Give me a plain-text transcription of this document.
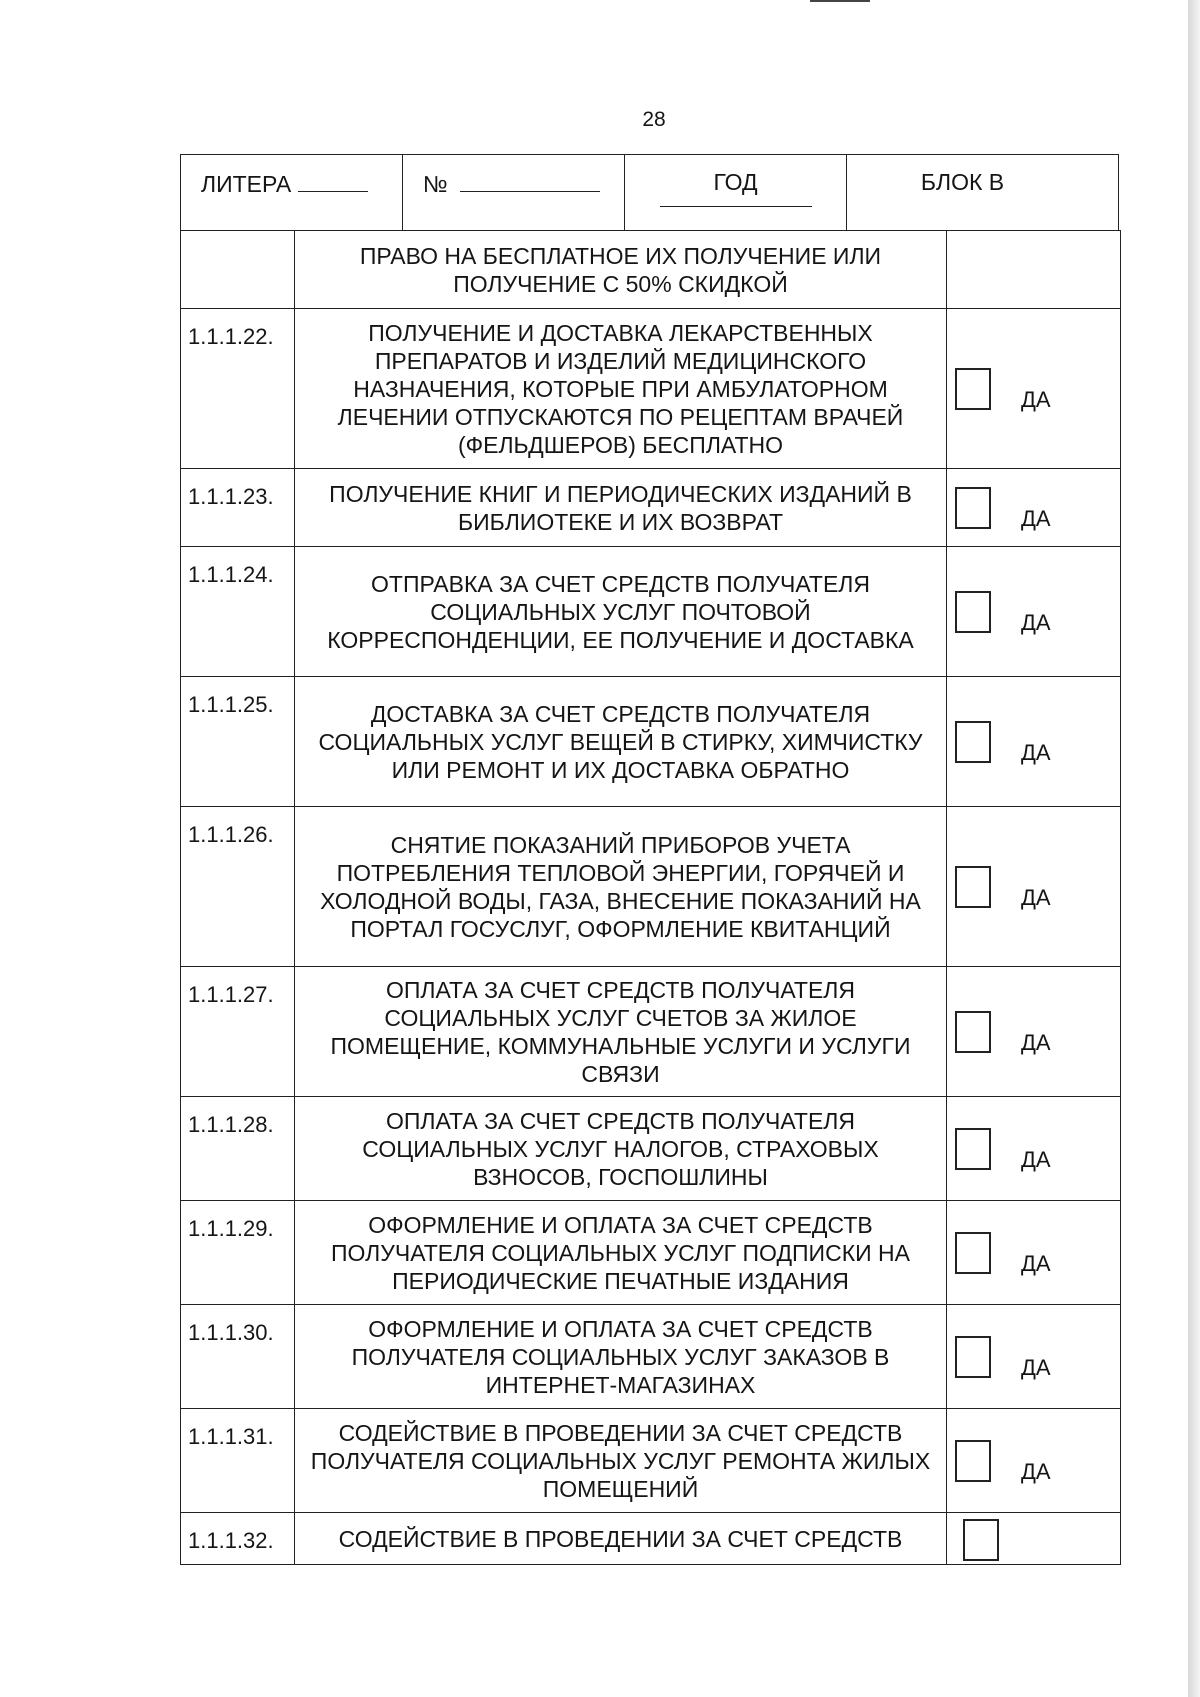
28
ЛИТЕРА	№	ГОД	БЛОК В
	ПРАВО НА БЕСПЛАТНОЕ ИХ ПОЛУЧЕНИЕ ИЛИ ПОЛУЧЕНИЕ С 50% СКИДКОЙ	
1.1.1.22.	ПОЛУЧЕНИЕ И ДОСТАВКА ЛЕКАРСТВЕННЫХ ПРЕПАРАТОВ И ИЗДЕЛИЙ МЕДИЦИНСКОГО НАЗНАЧЕНИЯ, КОТОРЫЕ ПРИ АМБУЛАТОРНОМ ЛЕЧЕНИИ ОТПУСКАЮТСЯ ПО РЕЦЕПТАМ ВРАЧЕЙ (ФЕЛЬДШЕРОВ) БЕСПЛАТНО	ДА
1.1.1.23.	ПОЛУЧЕНИЕ КНИГ И ПЕРИОДИЧЕСКИХ ИЗДАНИЙ В БИБЛИОТЕКЕ И ИХ ВОЗВРАТ	ДА
1.1.1.24.	ОТПРАВКА ЗА СЧЕТ СРЕДСТВ ПОЛУЧАТЕЛЯ СОЦИАЛЬНЫХ УСЛУГ ПОЧТОВОЙ КОРРЕСПОНДЕНЦИИ, ЕЕ ПОЛУЧЕНИЕ И ДОСТАВКА	ДА
1.1.1.25.	ДОСТАВКА ЗА СЧЕТ СРЕДСТВ ПОЛУЧАТЕЛЯ СОЦИАЛЬНЫХ УСЛУГ ВЕЩЕЙ В СТИРКУ, ХИМЧИСТКУ ИЛИ РЕМОНТ И ИХ ДОСТАВКА ОБРАТНО	ДА
1.1.1.26.	СНЯТИЕ ПОКАЗАНИЙ ПРИБОРОВ УЧЕТА ПОТРЕБЛЕНИЯ ТЕПЛОВОЙ ЭНЕРГИИ, ГОРЯЧЕЙ И ХОЛОДНОЙ ВОДЫ, ГАЗА, ВНЕСЕНИЕ ПОКАЗАНИЙ НА ПОРТАЛ ГОСУСЛУГ, ОФОРМЛЕНИЕ КВИТАНЦИЙ	ДА
1.1.1.27.	ОПЛАТА ЗА СЧЕТ СРЕДСТВ ПОЛУЧАТЕЛЯ СОЦИАЛЬНЫХ УСЛУГ СЧЕТОВ ЗА ЖИЛОЕ ПОМЕЩЕНИЕ, КОММУНАЛЬНЫЕ УСЛУГИ И УСЛУГИ СВЯЗИ	ДА
1.1.1.28.	ОПЛАТА ЗА СЧЕТ СРЕДСТВ ПОЛУЧАТЕЛЯ СОЦИАЛЬНЫХ УСЛУГ НАЛОГОВ, СТРАХОВЫХ ВЗНОСОВ, ГОСПОШЛИНЫ	ДА
1.1.1.29.	ОФОРМЛЕНИЕ И ОПЛАТА ЗА СЧЕТ СРЕДСТВ ПОЛУЧАТЕЛЯ СОЦИАЛЬНЫХ УСЛУГ ПОДПИСКИ НА ПЕРИОДИЧЕСКИЕ ПЕЧАТНЫЕ ИЗДАНИЯ	ДА
1.1.1.30.	ОФОРМЛЕНИЕ И ОПЛАТА ЗА СЧЕТ СРЕДСТВ ПОЛУЧАТЕЛЯ СОЦИАЛЬНЫХ УСЛУГ ЗАКАЗОВ В ИНТЕРНЕТ-МАГАЗИНАХ	ДА
1.1.1.31.	СОДЕЙСТВИЕ В ПРОВЕДЕНИИ ЗА СЧЕТ СРЕДСТВ ПОЛУЧАТЕЛЯ СОЦИАЛЬНЫХ УСЛУГ РЕМОНТА ЖИЛЫХ ПОМЕЩЕНИЙ	ДА
1.1.1.32.	СОДЕЙСТВИЕ В ПРОВЕДЕНИИ ЗА СЧЕТ СРЕДСТВ	
